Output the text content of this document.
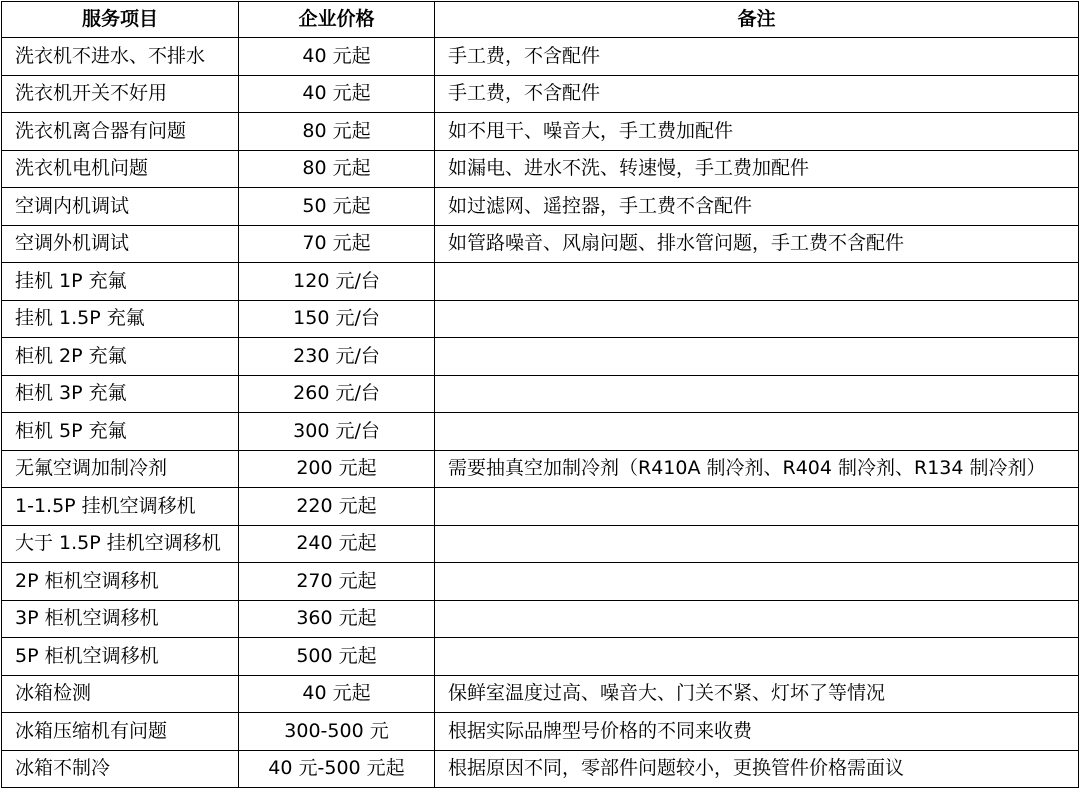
服务项目	企业价格	备注
洗衣机不进水、不排水	40 元起	手工费，不含配件
洗衣机开关不好用	40 元起	手工费，不含配件
洗衣机离合器有问题	80 元起	如不甩干、噪音大，手工费加配件
洗衣机电机问题	80 元起	如漏电、进水不洗、转速慢，手工费加配件
空调内机调试	50 元起	如过滤网、遥控器，手工费不含配件
空调外机调试	70 元起	如管路噪音、风扇问题、排水管问题，手工费不含配件
挂机 1P 充氟	120 元/台	
挂机 1.5P 充氟	150 元/台	
柜机 2P 充氟	230 元/台	
柜机 3P 充氟	260 元/台	
柜机 5P 充氟	300 元/台	
无氟空调加制冷剂	200 元起	需要抽真空加制冷剂（R410A 制冷剂、R404 制冷剂、R134 制冷剂）
1-1.5P 挂机空调移机	220 元起	
大于 1.5P 挂机空调移机	240 元起	
2P 柜机空调移机	270 元起	
3P 柜机空调移机	360 元起	
5P 柜机空调移机	500 元起	
冰箱检测	40 元起	保鲜室温度过高、噪音大、门关不紧、灯坏了等情况
冰箱压缩机有问题	300-500 元	根据实际品牌型号价格的不同来收费
冰箱不制冷	40 元-500 元起	根据原因不同，零部件问题较小，更换管件价格需面议
